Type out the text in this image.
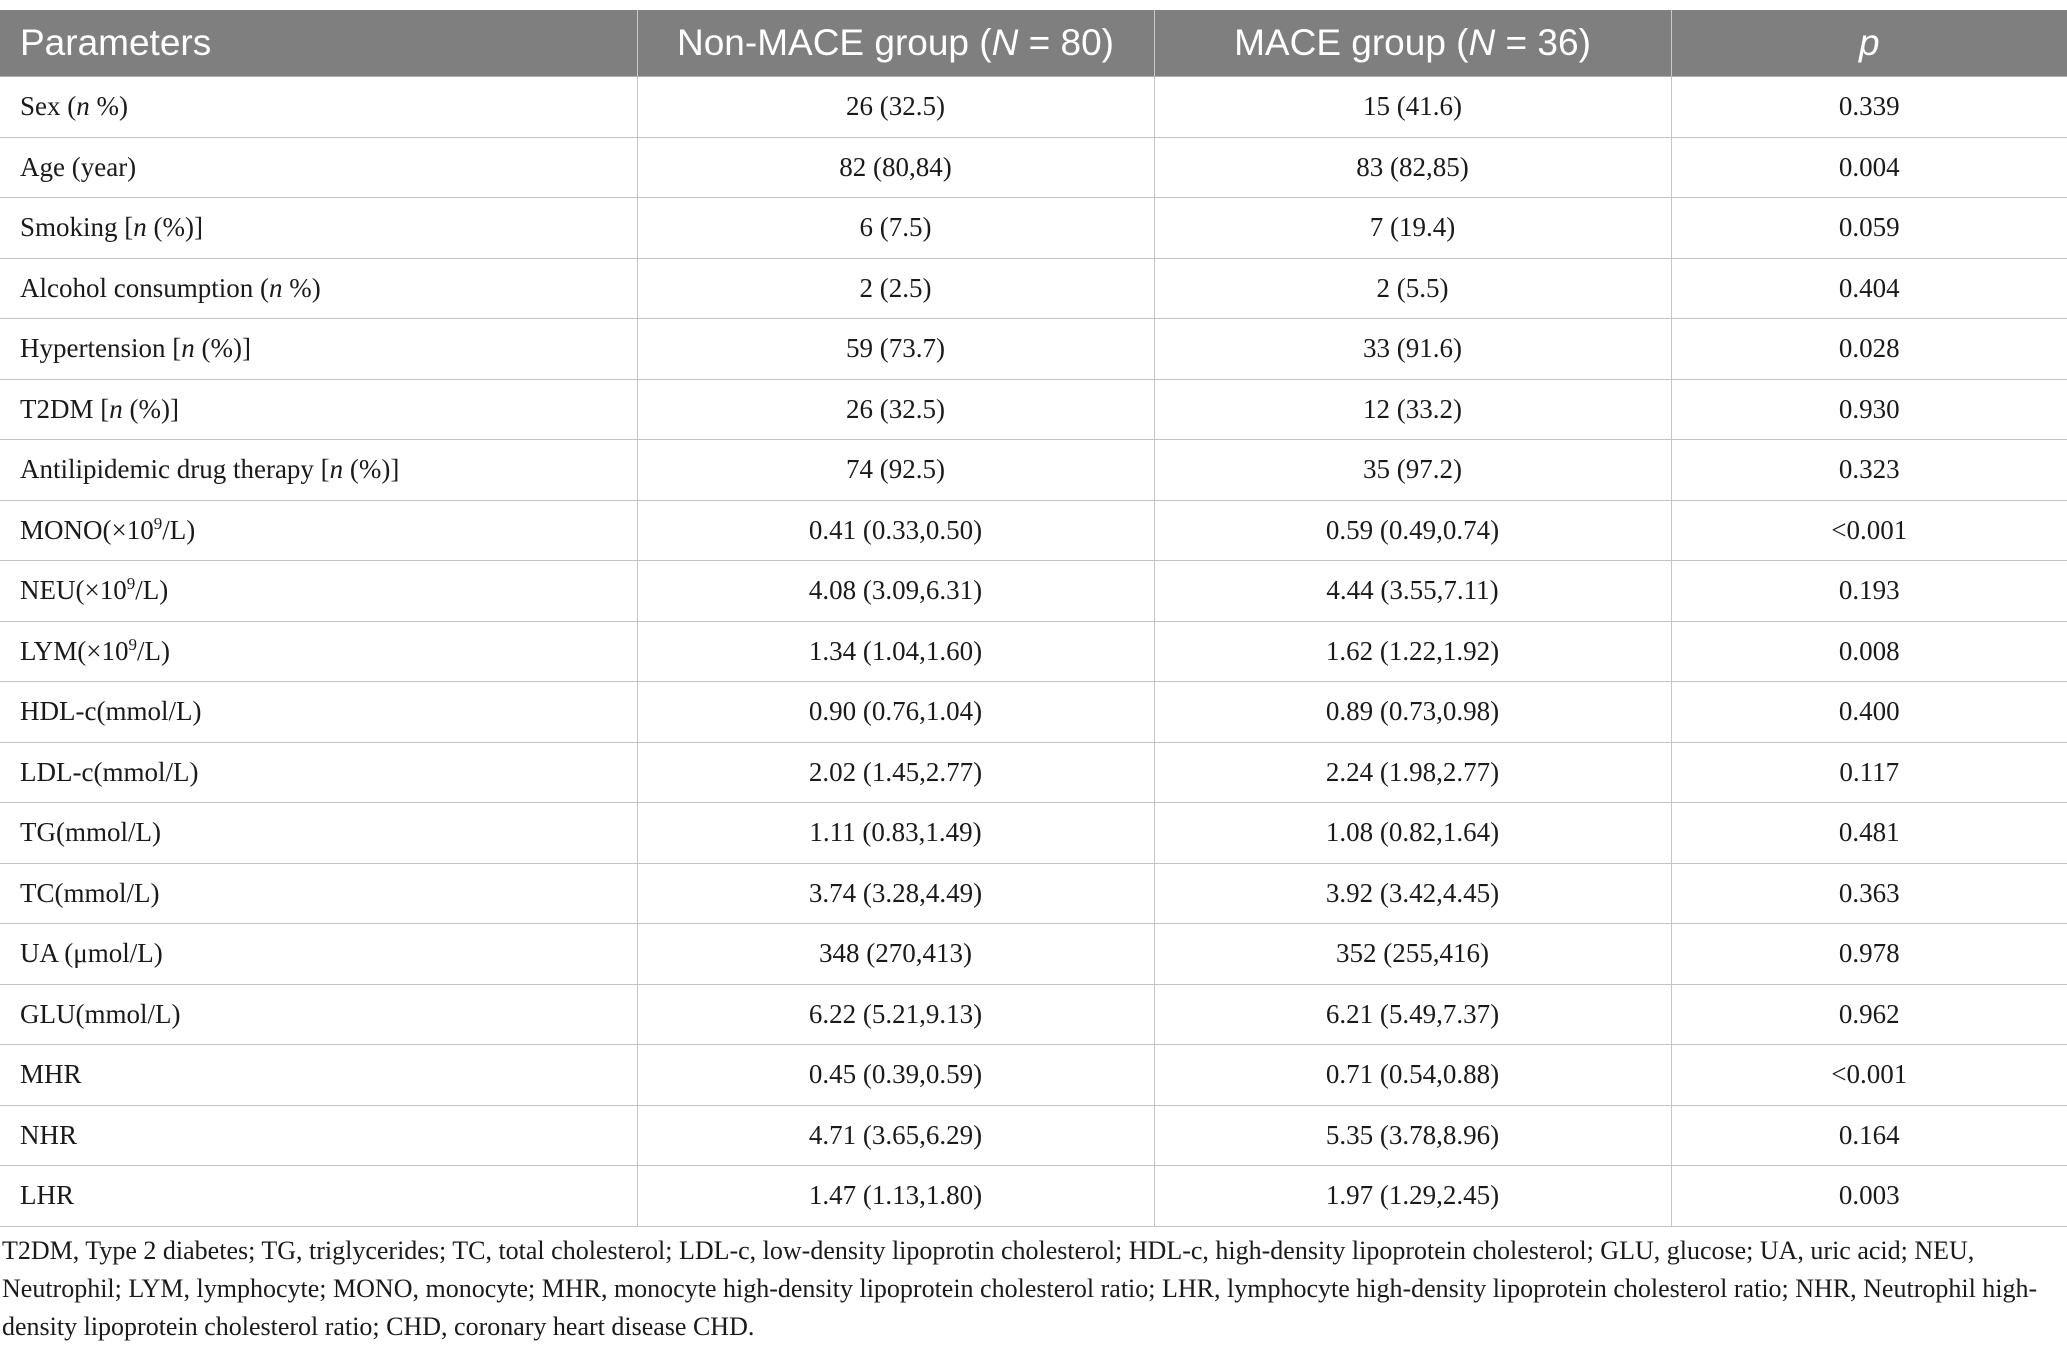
Parameters	Non-MACE group (N = 80)	MACE group (N = 36)	p
Sex (n %)	26 (32.5)	15 (41.6)	0.339
Age (year)	82 (80,84)	83 (82,85)	0.004
Smoking [n (%)]	6 (7.5)	7 (19.4)	0.059
Alcohol consumption (n %)	2 (2.5)	2 (5.5)	0.404
Hypertension [n (%)]	59 (73.7)	33 (91.6)	0.028
T2DM [n (%)]	26 (32.5)	12 (33.2)	0.930
Antilipidemic drug therapy [n (%)]	74 (92.5)	35 (97.2)	0.323
$MONO(\times 10^9/L)$	0.41 (0.33,0.50)	0.59 (0.49,0.74)	<0.001
$NEU(\times 10^9/L)$	4.08 (3.09,6.31)	4.44 (3.55,7.11)	0.193
$LYM(\times 10^9/L)$	1.34 (1.04,1.60)	1.62 (1.22,1.92)	0.008
HDL-c(mmol/L)	0.90 (0.76,1.04)	0.89 (0.73,0.98)	0.400
LDL-c(mmol/L)	2.02 (1.45,2.77)	2.24 (1.98,2.77)	0.117
TG(mmol/L)	1.11 (0.83,1.49)	1.08 (0.82,1.64)	0.481
TC(mmol/L)	3.74 (3.28,4.49)	3.92 (3.42,4.45)	0.363
UA (μmol/L)	348 (270,413)	352 (255,416)	0.978
GLU(mmol/L)	6.22 (5.21,9.13)	6.21 (5.49,7.37)	0.962
MHR	0.45 (0.39,0.59)	0.71 (0.54,0.88)	<0.001
NHR	4.71 (3.65,6.29)	5.35 (3.78,8.96)	0.164
LHR	1.47 (1.13,1.80)	1.97 (1.29,2.45)	0.003
T2DM, Type 2 diabetes; TG, triglycerides; TC, total cholesterol; LDL-c, low-density lipoprotin cholesterol; HDL-c, high-density lipoprotein cholesterol; GLU, glucose; UA, uric acid; NEU, Neutrophil; LYM, lymphocyte; MONO, monocyte; MHR, monocyte high-density lipoprotein cholesterol ratio; LHR, lymphocyte high-density lipoprotein cholesterol ratio; NHR, Neutrophil high-density lipoprotein cholesterol ratio; CHD, coronary heart disease CHD.
